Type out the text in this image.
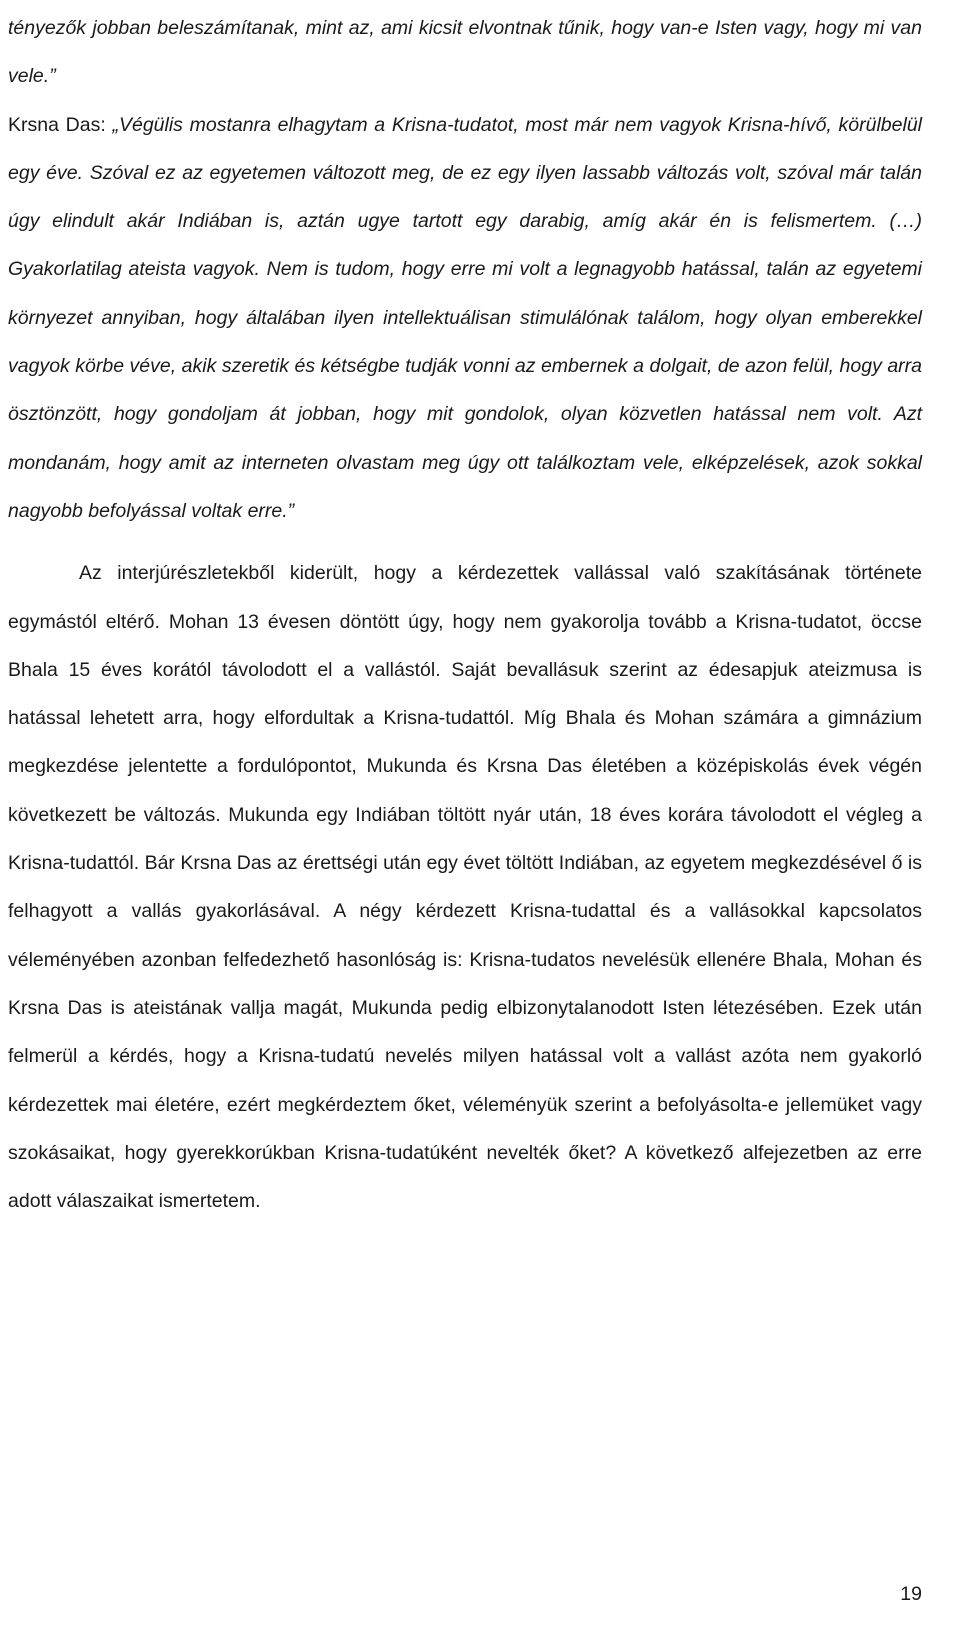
tényezők jobban beleszámítanak, mint az, ami kicsit elvontnak tűnik, hogy van-e Isten vagy, hogy mi van vele.”

Krsna Das: „Végülis mostanra elhagytam a Krisna-tudatot, most már nem vagyok Krisna-hívő, körülbelül egy éve. Szóval ez az egyetemen változott meg, de ez egy ilyen lassabb változás volt, szóval már talán úgy elindult akár Indiában is, aztán ugye tartott egy darabig, amíg akár én is felismertem. (…) Gyakorlatilag ateista vagyok. Nem is tudom, hogy erre mi volt a legnagyobb hatással, talán az egyetemi környezet annyiban, hogy általában ilyen intellektuálisan stimulálónak találom, hogy olyan emberekkel vagyok körbe véve, akik szeretik és kétségbe tudják vonni az embernek a dolgait, de azon felül, hogy arra ösztönzött, hogy gondoljam át jobban, hogy mit gondolok, olyan közvetlen hatással nem volt. Azt mondanám, hogy amit az interneten olvastam meg úgy ott találkoztam vele, elképzelések, azok sokkal nagyobb befolyással voltak erre.”

Az interjúrészletekből kiderült, hogy a kérdezettek vallással való szakításának története egymástól eltérő. Mohan 13 évesen döntött úgy, hogy nem gyakorolja tovább a Krisna-tudatot, öccse Bhala 15 éves korától távolodott el a vallástól. Saját bevallásuk szerint az édesapjuk ateizmusa is hatással lehetett arra, hogy elfordultak a Krisna-tudattól. Míg Bhala és Mohan számára a gimnázium megkezdése jelentette a fordulópontot, Mukunda és Krsna Das életében a középiskolás évek végén következett be változás. Mukunda egy Indiában töltött nyár után, 18 éves korára távolodott el végleg a Krisna-tudattól. Bár Krsna Das az érettségi után egy évet töltött Indiában, az egyetem megkezdésével ő is felhagyott a vallás gyakorlásával. A négy kérdezett Krisna-tudattal és a vallásokkal kapcsolatos véleményében azonban felfedezhető hasonlóság is: Krisna-tudatos nevelésük ellenére Bhala, Mohan és Krsna Das is ateistának vallja magát, Mukunda pedig elbizonytalanodott Isten létezésében. Ezek után felmerül a kérdés, hogy a Krisna-tudatú nevelés milyen hatással volt a vallást azóta nem gyakorló kérdezettek mai életére, ezért megkérdeztem őket, véleményük szerint a befolyásolta-e jellemüket vagy szokásaikat, hogy gyerekkorúkban Krisna-tudatúként nevelték őket? A következő alfejezetben az erre adott válaszaikat ismertetem.

19
